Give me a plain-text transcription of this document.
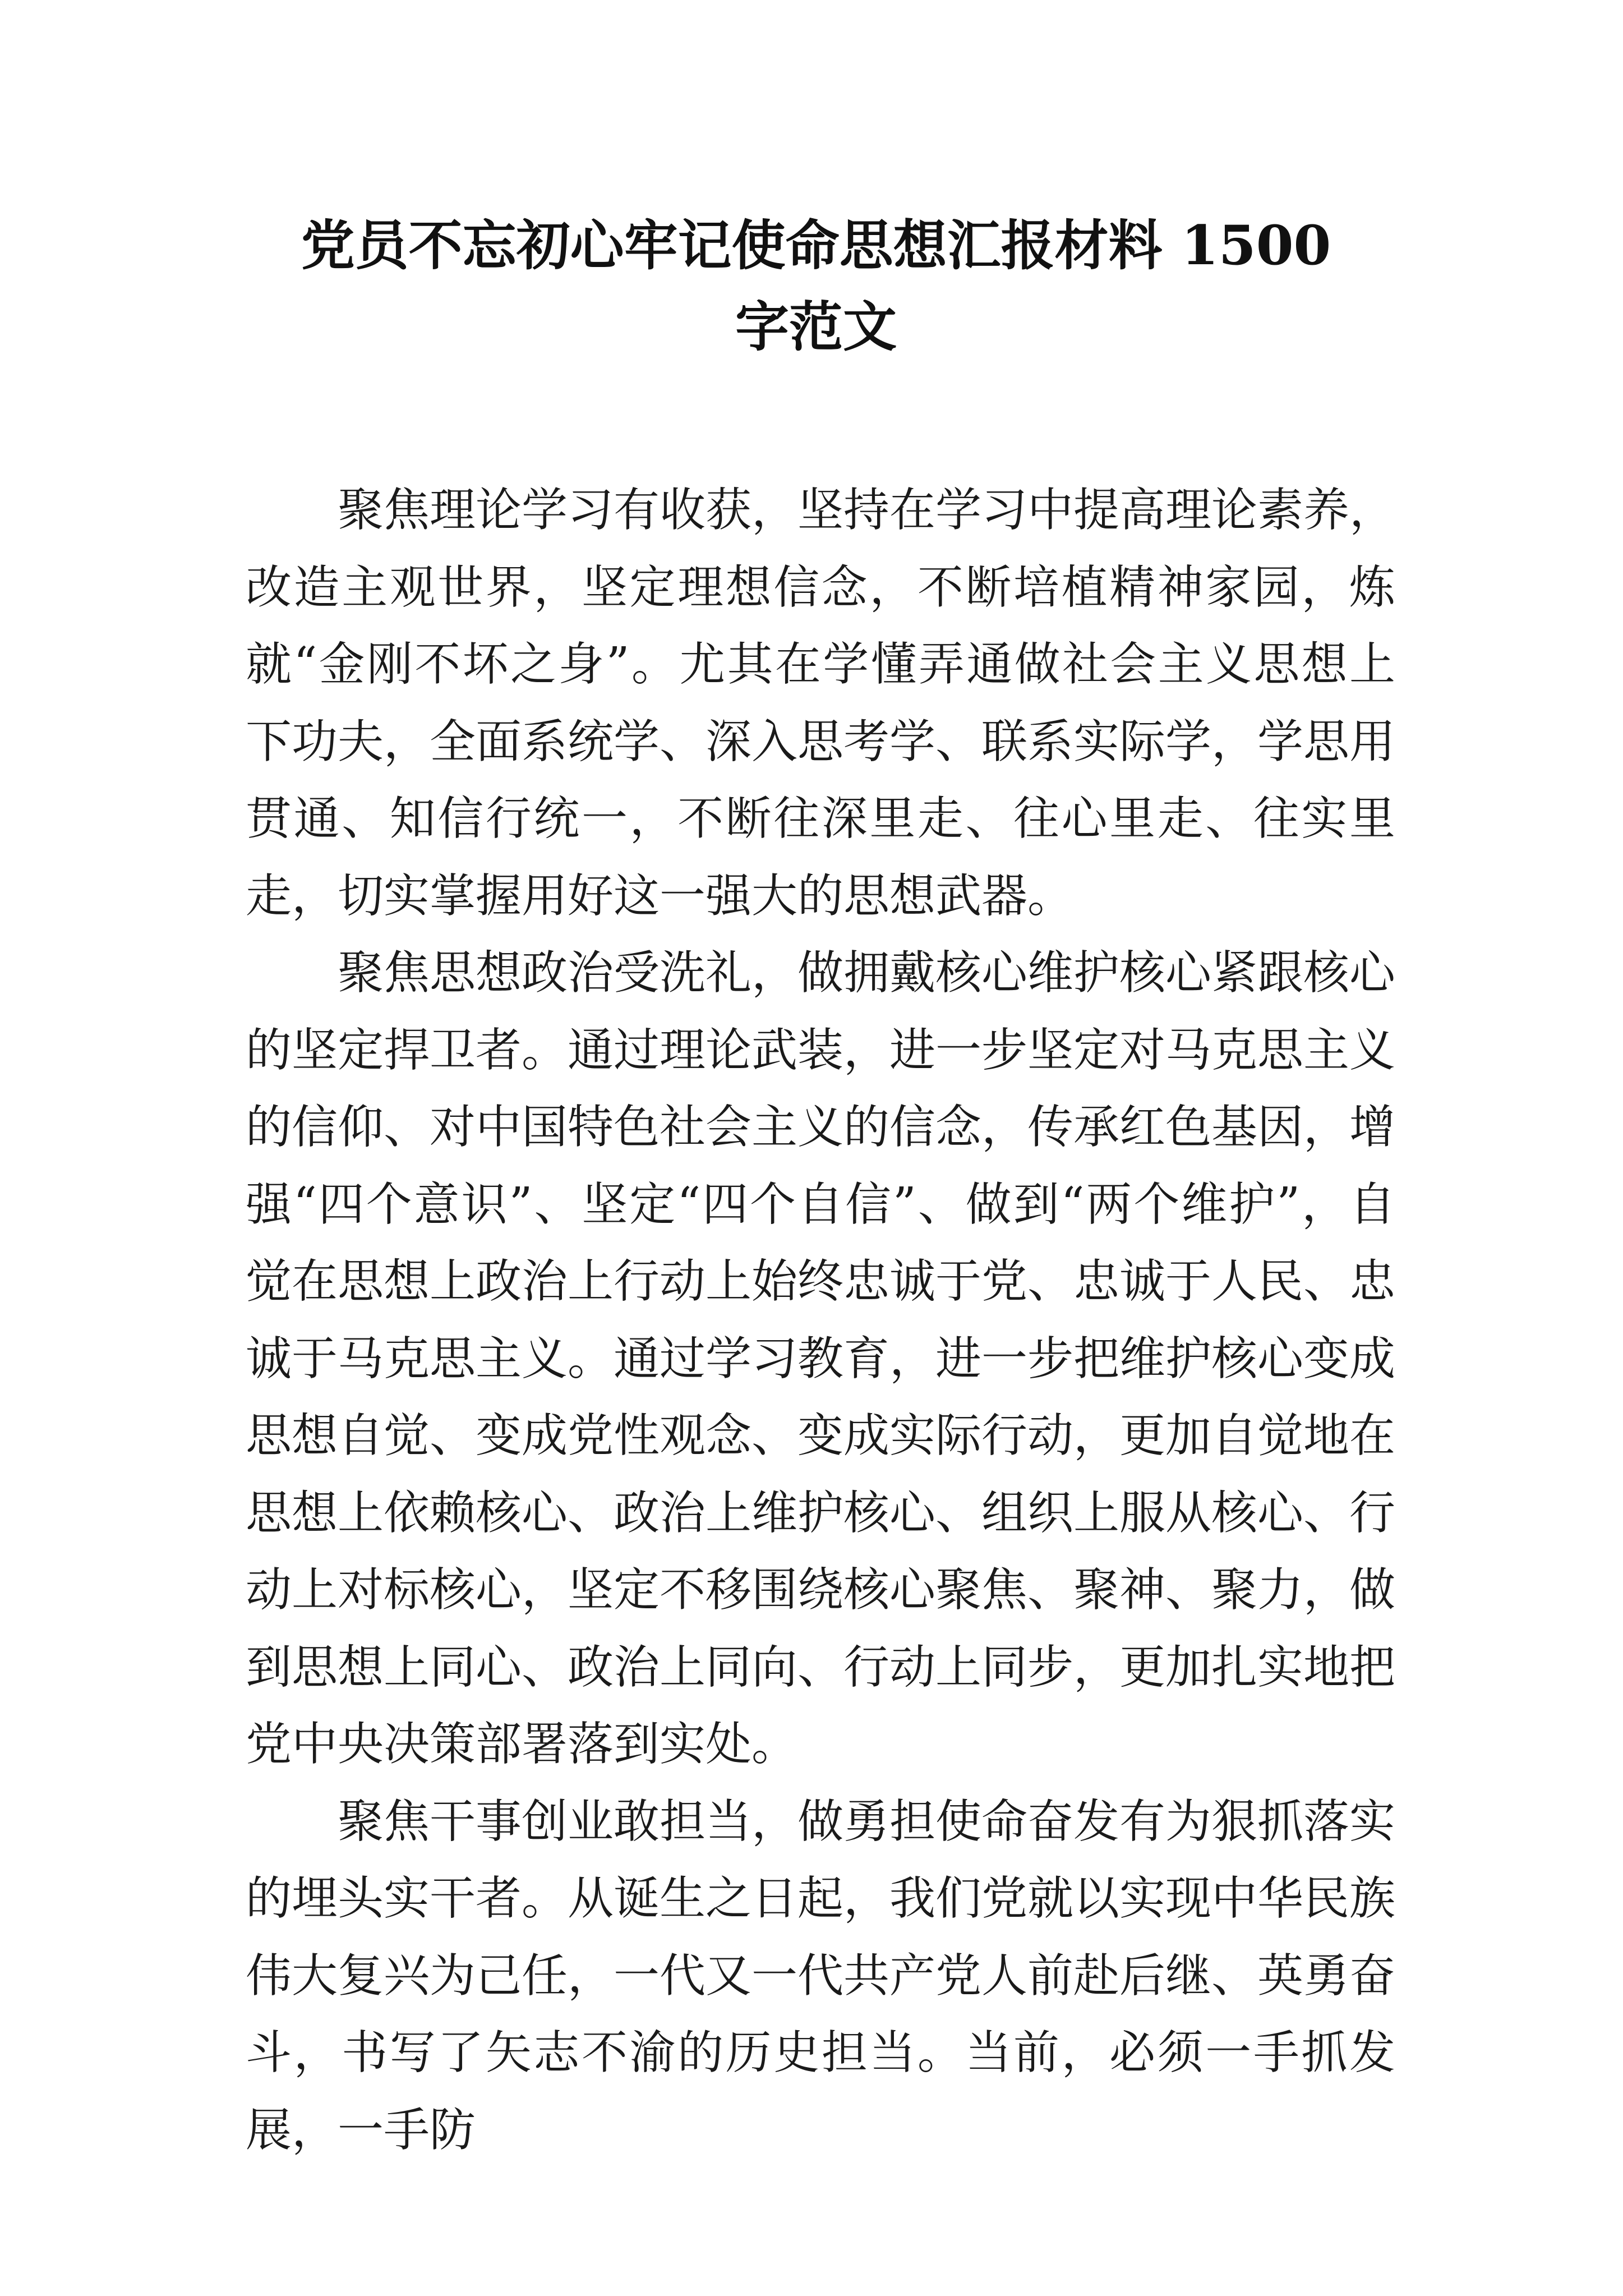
党员不忘初心牢记使命思想汇报材料 1500
字范文

聚焦理论学习有收获，坚持在学习中提高理论素养，改造主观世界，坚定理想信念，不断培植精神家园，炼就“金刚不坏之身”。尤其在学懂弄通做社会主义思想上下功夫，全面系统学、深入思考学、联系实际学，学思用贯通、知信行统一，不断往深里走、往心里走、往实里走，切实掌握用好这一强大的思想武器。

聚焦思想政治受洗礼，做拥戴核心维护核心紧跟核心的坚定捍卫者。通过理论武装，进一步坚定对马克思主义的信仰、对中国特色社会主义的信念，传承红色基因，增强“四个意识”、坚定“四个自信”、做到“两个维护”，自觉在思想上政治上行动上始终忠诚于党、忠诚于人民、忠诚于马克思主义。通过学习教育，进一步把维护核心变成思想自觉、变成党性观念、变成实际行动，更加自觉地在思想上依赖核心、政治上维护核心、组织上服从核心、行动上对标核心，坚定不移围绕核心聚焦、聚神、聚力，做到思想上同心、政治上同向、行动上同步，更加扎实地把党中央决策部署落到实处。

聚焦干事创业敢担当，做勇担使命奋发有为狠抓落实的埋头实干者。从诞生之日起，我们党就以实现中华民族伟大复兴为己任，一代又一代共产党人前赴后继、英勇奋斗，书写了矢志不渝的历史担当。当前，必须一手抓发展，一手防
